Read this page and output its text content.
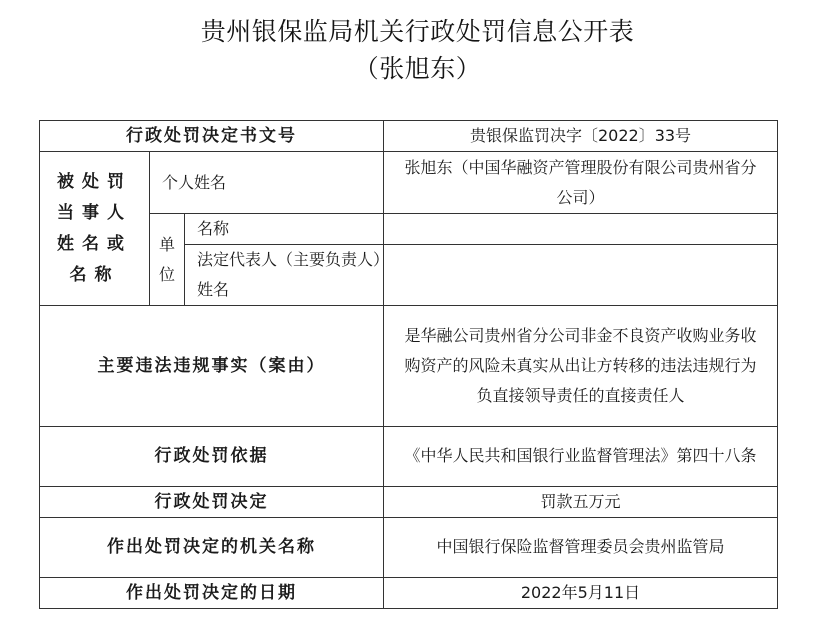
贵州银保监局机关行政处罚信息公开表
（张旭东）
行政处罚决定书文号			贵银保监罚决字〔2022〕33号
被处罚当事人姓名或名称	个人姓名		张旭东（中国华融资产管理股份有限公司贵州省分公司）
	单位	名称	
		法定代表人（主要负责人）姓名	
主要违法违规事实（案由）			是华融公司贵州省分公司非金不良资产收购业务收购资产的风险未真实从出让方转移的违法违规行为负直接领导责任的直接责任人
行政处罚依据			《中华人民共和国银行业监督管理法》第四十八条
行政处罚决定			罚款五万元
作出处罚决定的机关名称			中国银行保险监督管理委员会贵州监管局
作出处罚决定的日期			2022年5月11日
